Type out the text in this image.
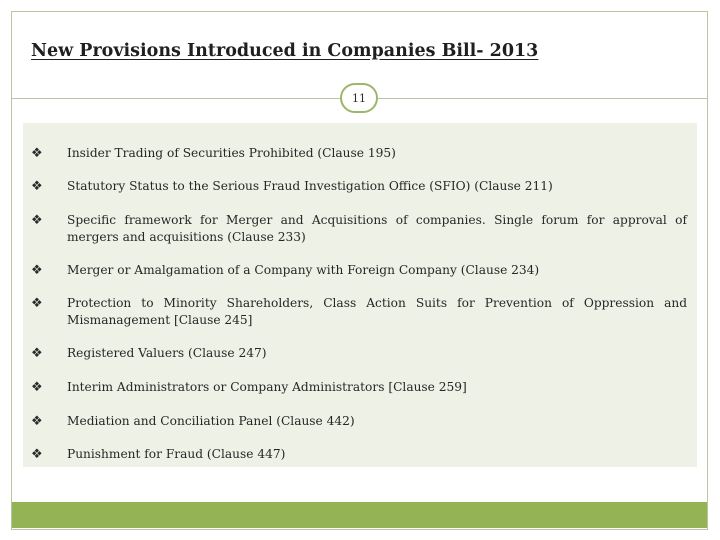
New Provisions Introduced in Companies Bill- 2013
11
❖ Insider Trading of Securities Prohibited (Clause 195)
❖ Statutory Status to the Serious Fraud Investigation Office (SFIO) (Clause 211)
❖ Specific framework for Merger and Acquisitions of companies. Single forum for approval of mergers and acquisitions (Clause 233)
❖ Merger or Amalgamation of a Company with Foreign Company (Clause 234)
❖ Protection to Minority Shareholders, Class Action Suits for Prevention of Oppression and Mismanagement [Clause 245]
❖ Registered Valuers (Clause 247)
❖ Interim Administrators or Company Administrators [Clause 259]
❖ Mediation and Conciliation Panel (Clause 442)
❖ Punishment for Fraud (Clause 447)
